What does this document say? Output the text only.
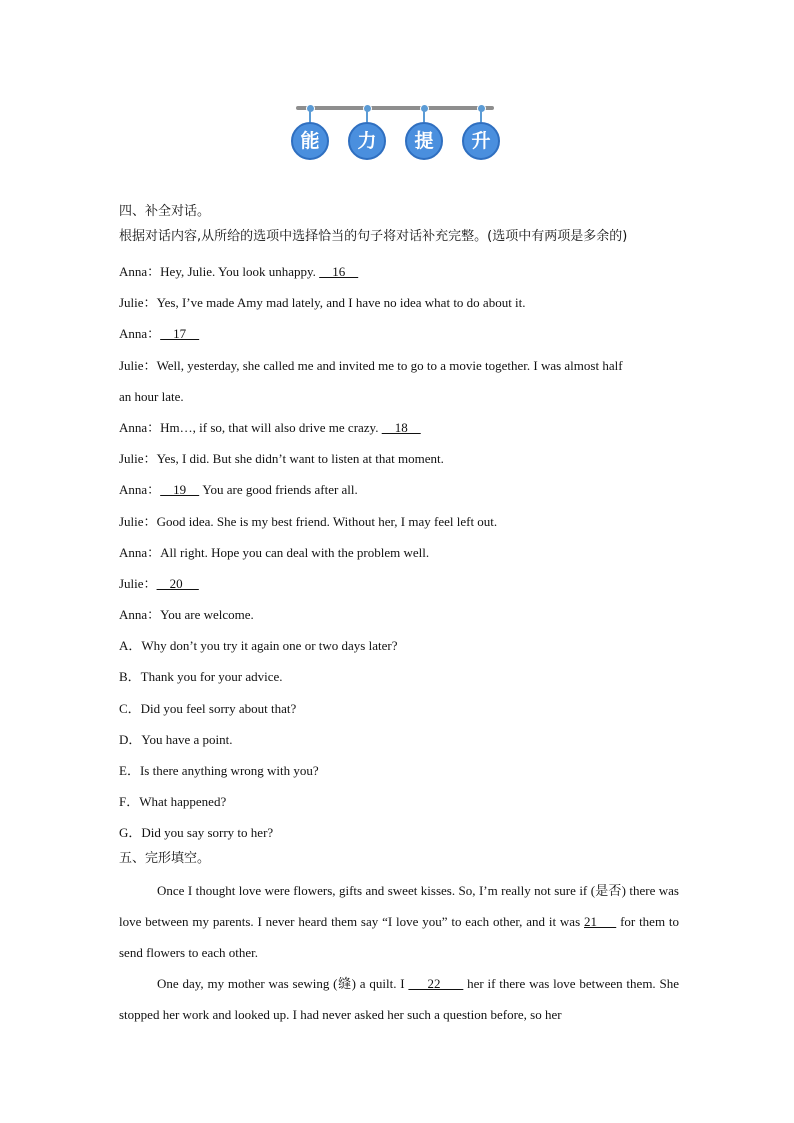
能	力	提	升
四、补全对话。
根据对话内容,从所给的选项中选择恰当的句子将对话补充完整。(选项中有两项是多余的)
Anna：Hey, Julie. You look unhappy.     16
Julie：Yes, I’ve made Amy mad lately, and I have no idea what to do about it.
Anna：    17
Julie：Well, yesterday, she called me and invited me to go to a movie together. I was almost half
an hour late.
Anna：Hm…, if so, that will also drive me crazy.     18
Julie：Yes, I did. But she didn’t want to listen at that moment.
Anna：    19     You are good friends after all.
Julie：Good idea. She is my best friend. Without her, I may feel left out.
Anna：All right. Hope you can deal with the problem well.
Julie：    20
Anna：You are welcome.
A．Why don’t you try it again one or two days later?
B．Thank you for your advice.
C．Did you feel sorry about that?
D．You have a point.
E．Is there anything wrong with you?
F．What happened?
G．Did you say sorry to her?
五、完形填空。
Once I thought love were flowers, gifts and sweet kisses. So, I’m really not sure if (是否) there was love between my parents. I never heard them say “I love you” to each other, and it was 21      for them to send flowers to each other.
One day, my mother was sewing (缝) a quilt. I      22       her if there was love between them. She stopped her work and looked up. I had never asked her such a question before, so her
